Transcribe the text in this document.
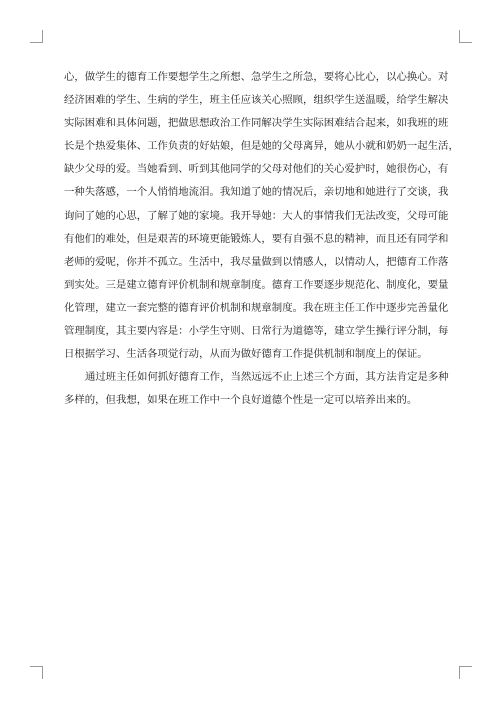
心，做学生的德育工作要想学生之所想、急学生之所急，要将心比心，以心换心。对
经济困难的学生、生病的学生，班主任应该关心照顾，组织学生送温暖，给学生解决
实际困难和具体问题，把做思想政治工作同解决学生实际困难结合起来，如我班的班
长是个热爱集体、工作负责的好姑娘，但是她的父母离异，她从小就和奶奶一起生活，
缺少父母的爱。当她看到、听到其他同学的父母对他们的关心爱护时，她很伤心，有
一种失落感，一个人悄悄地流泪。我知道了她的情况后，亲切地和她进行了交谈，我
询问了她的心思，了解了她的家境。我开导她：大人的事情我们无法改变，父母可能
有他们的难处，但是艰苦的环境更能锻炼人，要有自强不息的精神，而且还有同学和
老师的爱呢，你并不孤立。生活中，我尽量做到以情感人，以情动人，把德育工作落
到实处。三是建立德育评价机制和规章制度。德育工作要逐步规范化、制度化，要量
化管理，建立一套完整的德育评价机制和规章制度。我在班主任工作中逐步完善量化
管理制度，其主要内容是：小学生守则、日常行为道德等，建立学生操行评分制，每
日根据学习、生活各项觉行动，从而为做好德育工作提供机制和制度上的保证。
通过班主任如何抓好德育工作，当然远远不止上述三个方面，其方法肯定是多种
多样的，但我想，如果在班工作中一个良好道德个性是一定可以培养出来的。
